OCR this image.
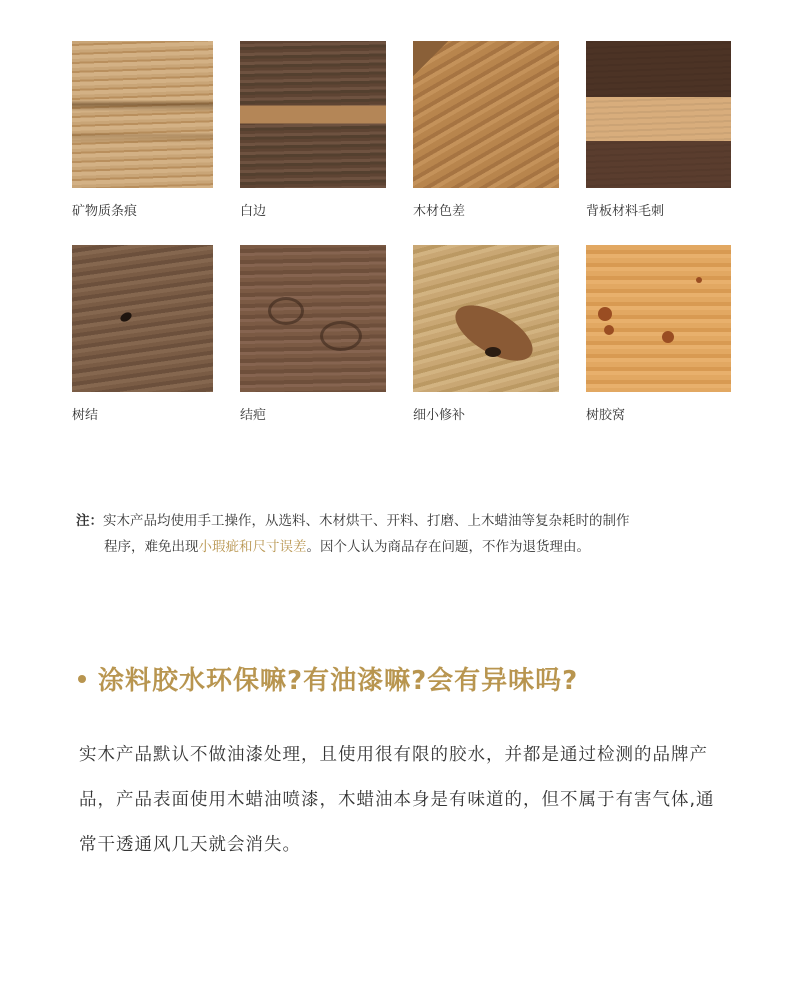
矿物质条痕	白边	木材色差	背板材料毛刺
树结	结疤	细小修补	树胶窝
注：实木产品均使用手工操作，从选料、木材烘干、开料、打磨、上木蜡油等复杂耗时的制作
程序，难免出现小瑕疵和尺寸误差。因个人认为商品存在问题，不作为退货理由。
涂料胶水环保嘛?有油漆嘛?会有异味吗?
实木产品默认不做油漆处理，且使用很有限的胶水，并都是通过检测的品牌产品，产品表面使用木蜡油喷漆，木蜡油本身是有味道的，但不属于有害气体,通常干透通风几天就会消失。
